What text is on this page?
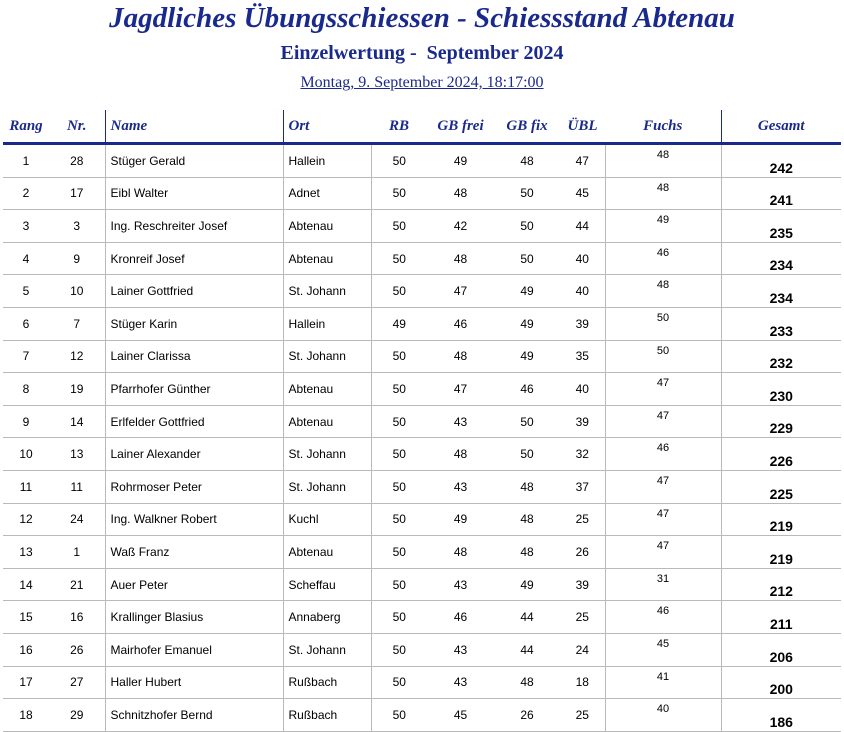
Jagdliches Übungsschiessen - Schiessstand Abtenau
Einzelwertung -  September 2024
Montag, 9. September 2024, 18:17:00
Rang	Nr.	Name	Ort	RB	GB frei	GB fix	ÜBL	Fuchs	Gesamt
1	28	Stüger Gerald	Hallein	50	49	48	47	48	242
2	17	Eibl Walter	Adnet	50	48	50	45	48	241
3	3	Ing. Reschreiter Josef	Abtenau	50	42	50	44	49	235
4	9	Kronreif Josef	Abtenau	50	48	50	40	46	234
5	10	Lainer Gottfried	St. Johann	50	47	49	40	48	234
6	7	Stüger Karin	Hallein	49	46	49	39	50	233
7	12	Lainer Clarissa	St. Johann	50	48	49	35	50	232
8	19	Pfarrhofer Günther	Abtenau	50	47	46	40	47	230
9	14	Erlfelder Gottfried	Abtenau	50	43	50	39	47	229
10	13	Lainer Alexander	St. Johann	50	48	50	32	46	226
11	11	Rohrmoser Peter	St. Johann	50	43	48	37	47	225
12	24	Ing. Walkner Robert	Kuchl	50	49	48	25	47	219
13	1	Waß Franz	Abtenau	50	48	48	26	47	219
14	21	Auer Peter	Scheffau	50	43	49	39	31	212
15	16	Krallinger Blasius	Annaberg	50	46	44	25	46	211
16	26	Mairhofer Emanuel	St. Johann	50	43	44	24	45	206
17	27	Haller Hubert	Rußbach	50	43	48	18	41	200
18	29	Schnitzhofer Bernd	Rußbach	50	45	26	25	40	186
